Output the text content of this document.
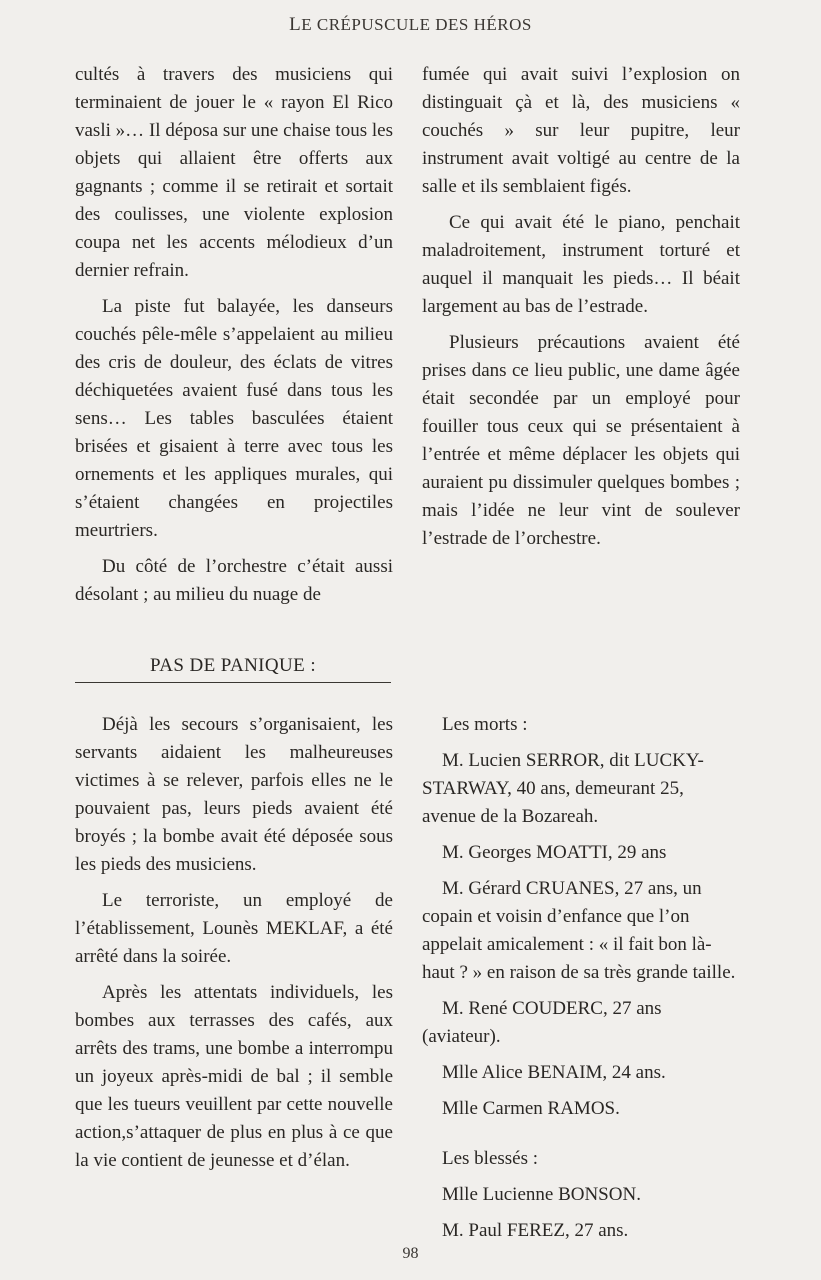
LE CRÉPUSCULE DES HÉROS

cultés à travers des musiciens qui terminaient de jouer le « rayon El Rico vasli »… Il déposa sur une chaise tous les objets qui allaient être offerts aux gagnants ; comme il se retirait et sortait des coulisses, une violente explosion coupa net les accents mélodieux d’un dernier refrain.

La piste fut balayée, les danseurs couchés pêle-mêle s’appelaient au milieu des cris de douleur, des éclats de vitres déchiquetées avaient fusé dans tous les sens… Les tables basculées étaient brisées et gisaient à terre avec tous les ornements et les appliques murales, qui s’étaient changées en projectiles meurtriers.

Du côté de l’orchestre c’était aussi désolant ; au milieu du nuage de

fumée qui avait suivi l’explosion on distinguait çà et là, des musiciens « couchés » sur leur pupitre, leur instrument avait voltigé au centre de la salle et ils semblaient figés.

Ce qui avait été le piano, penchait maladroitement, instrument torturé et auquel il manquait les pieds… Il béait largement au bas de l’estrade.

Plusieurs précautions avaient été prises dans ce lieu public, une dame âgée était secondée par un employé pour fouiller tous ceux qui se présentaient à l’entrée et même déplacer les objets qui auraient pu dissimuler quelques bombes ; mais l’idée ne leur vint de soulever l’estrade de l’orchestre.

PAS DE PANIQUE :

Déjà les secours s’organisaient, les servants aidaient les malheureuses victimes à se relever, parfois elles ne le pouvaient pas, leurs pieds avaient été broyés ; la bombe avait été déposée sous les pieds des musiciens.

Le terroriste, un employé de l’établissement, Lounès MEKLAF, a été arrêté dans la soirée.

Après les attentats individuels, les bombes aux terrasses des cafés, aux arrêts des trams, une bombe a interrompu un joyeux après-midi de bal ; il semble que les tueurs veuillent par cette nouvelle action,s’attaquer de plus en plus à ce que la vie contient de jeunesse et d’élan.

Les morts :

M. Lucien SERROR, dit LUCKY-STARWAY, 40 ans, demeurant 25, avenue de la Bozareah.

M. Georges MOATTI, 29 ans

M. Gérard CRUANES, 27 ans, un copain et voisin d’enfance que l’on appelait amicalement : « il fait bon là-haut ? » en raison de sa très grande taille.

M. René COUDERC, 27 ans (aviateur).

Mlle Alice BENAIM, 24 ans.

Mlle Carmen RAMOS.

Les blessés :

Mlle Lucienne BONSON.

M. Paul FEREZ, 27 ans.

98
